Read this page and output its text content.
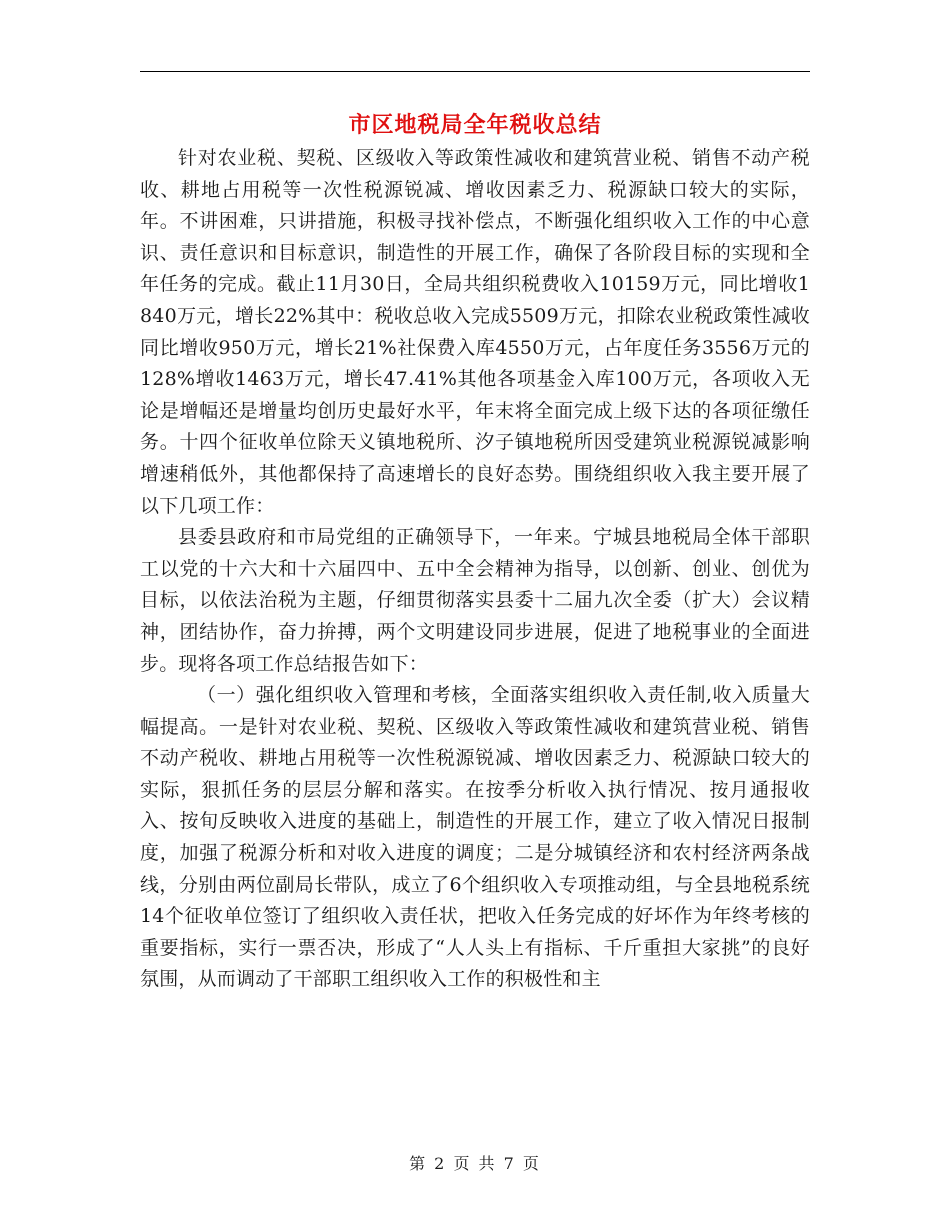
市区地税局全年税收总结

针对农业税、契税、区级收入等政策性减收和建筑营业税、销售不动产税收、耕地占用税等一次性税源锐减、增收因素乏力、税源缺口较大的实际，年。不讲困难，只讲措施，积极寻找补偿点，不断强化组织收入工作的中心意识、责任意识和目标意识，制造性的开展工作，确保了各阶段目标的实现和全年任务的完成。截止11月30日，全局共组织税费收入10159万元，同比增收1840万元，增长22%其中：税收总收入完成5509万元，扣除农业税政策性减收同比增收950万元，增长21%社保费入库4550万元，占年度任务3556万元的128%增收1463万元，增长47.41%其他各项基金入库100万元，各项收入无论是增幅还是增量均创历史最好水平，年末将全面完成上级下达的各项征缴任务。十四个征收单位除天义镇地税所、汐子镇地税所因受建筑业税源锐减影响增速稍低外，其他都保持了高速增长的良好态势。围绕组织收入我主要开展了以下几项工作：

县委县政府和市局党组的正确领导下，一年来。宁城县地税局全体干部职工以党的十六大和十六届四中、五中全会精神为指导，以创新、创业、创优为目标，以依法治税为主题，仔细贯彻落实县委十二届九次全委（扩大）会议精神，团结协作，奋力拚搏，两个文明建设同步进展，促进了地税事业的全面进步。现将各项工作总结报告如下：

（一）强化组织收入管理和考核，全面落实组织收入责任制,收入质量大幅提高。一是针对农业税、契税、区级收入等政策性减收和建筑营业税、销售不动产税收、耕地占用税等一次性税源锐减、增收因素乏力、税源缺口较大的实际，狠抓任务的层层分解和落实。在按季分析收入执行情况、按月通报收入、按旬反映收入进度的基础上，制造性的开展工作，建立了收入情况日报制度，加强了税源分析和对收入进度的调度；二是分城镇经济和农村经济两条战线，分别由两位副局长带队，成立了6个组织收入专项推动组，与全县地税系统14个征收单位签订了组织收入责任状，把收入任务完成的好坏作为年终考核的重要指标，实行一票否决，形成了“人人头上有指标、千斤重担大家挑”的良好氛围，从而调动了干部职工组织收入工作的积极性和主

第 2 页 共 7 页
